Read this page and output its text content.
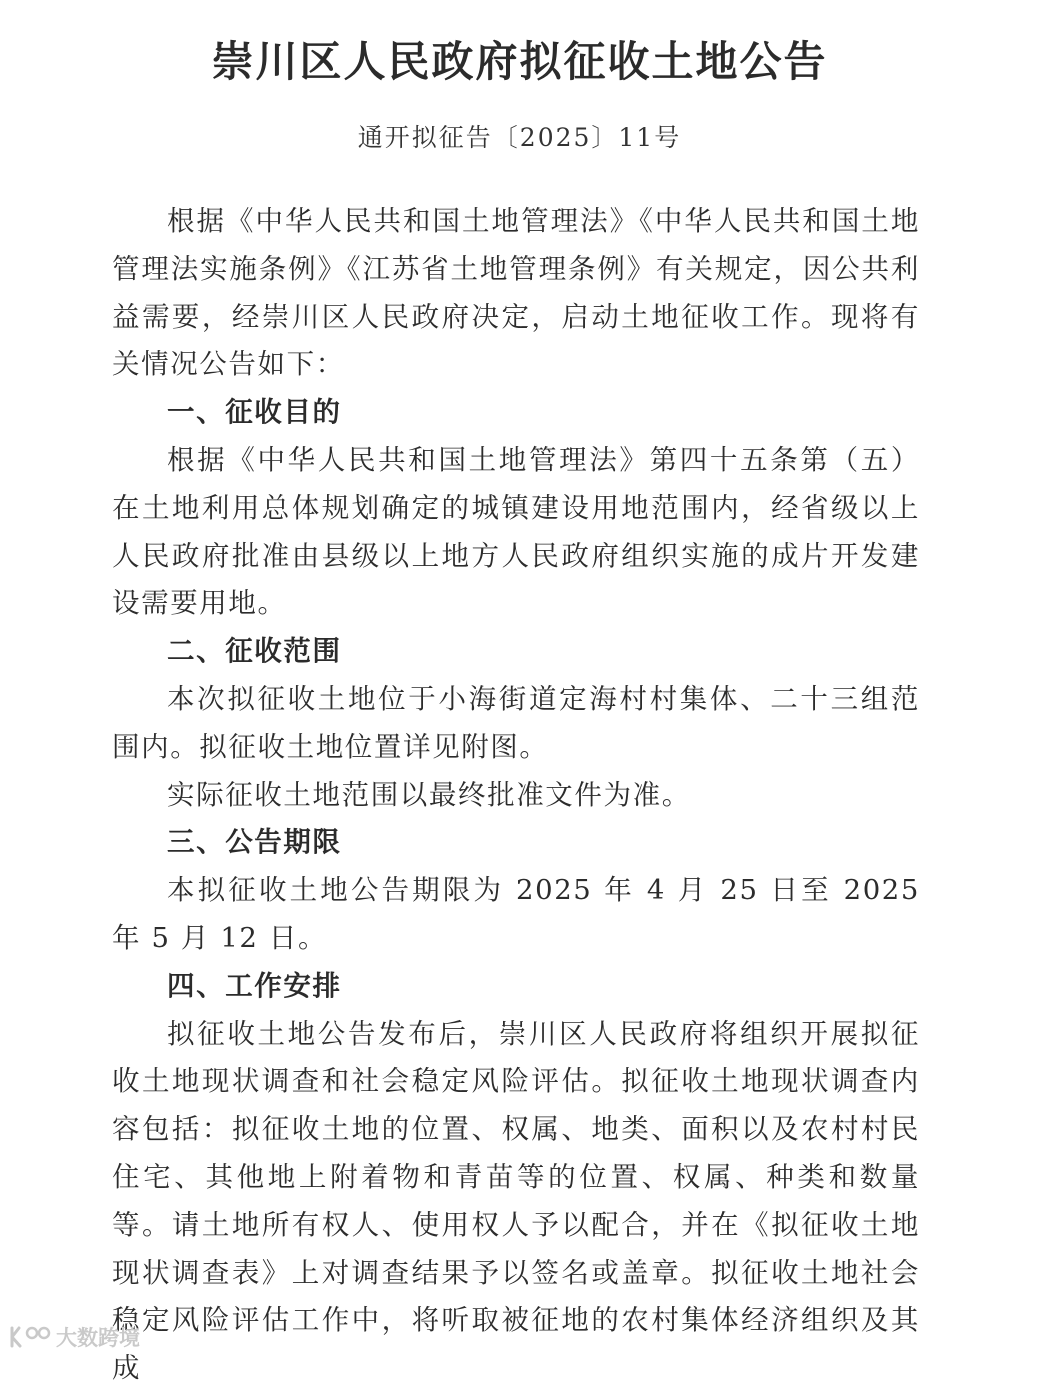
崇川区人民政府拟征收土地公告
通开拟征告〔2025〕11号

根据《中华人民共和国土地管理法》《中华人民共和国土地管理法实施条例》《江苏省土地管理条例》有关规定，因公共利益需要，经崇川区人民政府决定，启动土地征收工作。现将有关情况公告如下：

一、征收目的

根据《中华人民共和国土地管理法》第四十五条第（五）在土地利用总体规划确定的城镇建设用地范围内，经省级以上人民政府批准由县级以上地方人民政府组织实施的成片开发建设需要用地。

二、征收范围

本次拟征收土地位于小海街道定海村村集体、二十三组范围内。拟征收土地位置详见附图。

实际征收土地范围以最终批准文件为准。

三、公告期限

本拟征收土地公告期限为 2025 年 4 月 25 日至 2025 年 5 月 12 日。

四、工作安排

拟征收土地公告发布后，崇川区人民政府将组织开展拟征收土地现状调查和社会稳定风险评估。拟征收土地现状调查内容包括：拟征收土地的位置、权属、地类、面积以及农村村民住宅、其他地上附着物和青苗等的位置、权属、种类和数量等。请土地所有权人、使用权人予以配合，并在《拟征收土地现状调查表》上对调查结果予以签名或盖章。拟征收土地社会稳定风险评估工作中，将听取被征地的农村集体经济组织及其成

大数跨境
